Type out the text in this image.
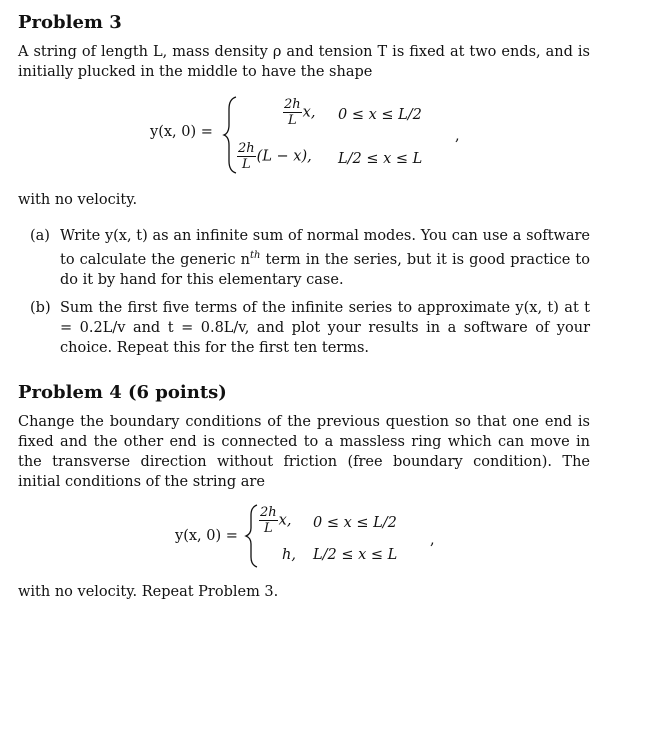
Problem 3
A string of length L, mass density ρ and tension T is fixed at two ends, and is initially plucked in the middle to have the shape
y(x, 0) =
$\frac{2h}{L} x$, 0 ≤ x ≤ L/2
$\frac{2h}{L} (L - x)$, L/2 ≤ x ≤ L
,
with no velocity.
(a) Write y(x, t) as an infinite sum of normal modes. You can use a software to calculate the generic $n^{th}$ term in the series, but it is good practice to do it by hand for this elementary case.
(b) Sum the first five terms of the infinite series to approximate y(x, t) at t = 0.2L/v and t = 0.8L/v, and plot your results in a software of your choice. Repeat this for the first ten terms.
Problem 4 (6 points)
Change the boundary conditions of the previous question so that one end is fixed and the other end is connected to a massless ring which can move in the transverse direction without friction (free boundary condition). The initial conditions of the string are
y(x, $0) = \frac{2h}{L} x$, 0 ≤ x ≤ L/2
h, L/2 ≤ x ≤ L
,
with no velocity. Repeat Problem 3.
